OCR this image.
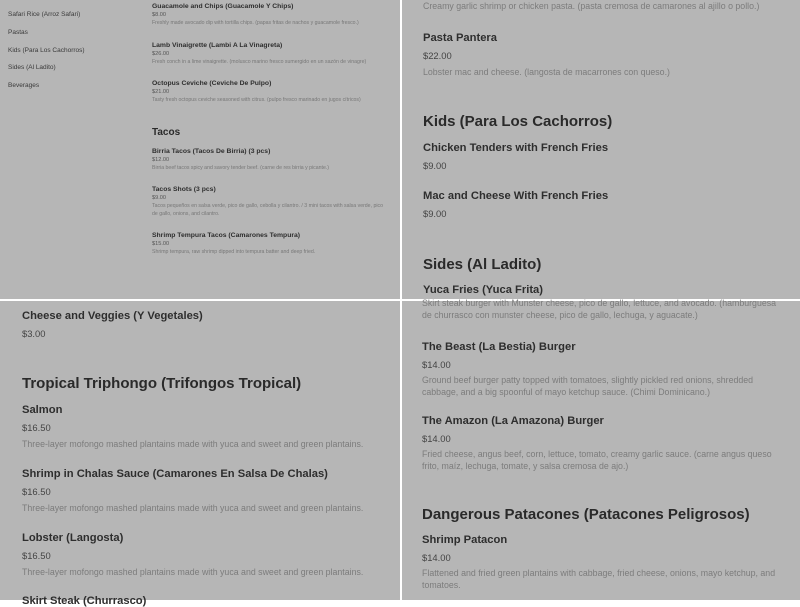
Safari Rice (Arroz Safari)
Pastas
Kids (Para Los Cachorros)
Sides (Al Ladito)
Beverages
Guacamole and Chips (Guacamole Y Chips)
$8.00
Freshly made avocado dip with tortilla chips. (papas fritas de nachos y guacamole fresco.)
Lamb Vinaigrette (Lambi A La Vinagreta)
$26.00
Fresh conch in a lime vinaigrette. (molusco marino fresco sumergido en un sazón de vinagre)
Octopus Ceviche (Ceviche De Pulpo)
$21.00
Tasty fresh octopus ceviche seasoned with citrus. (pulpo fresco marinado en jugos cítricos)
Tacos
Birria Tacos (Tacos De Birria) (3 pcs)
$12.00
Birria beef tacos spicy and savory tender beef. (carne de res birria y picante.)
Tacos Shots (3 pcs)
$9.00
Tacos pequeños en salsa verde, pico de gallo, cebolla y cilantro. / 3 mini tacos with salsa verde, pico de gallo, onions, and cilantro.
Shrimp Tempura Tacos (Camarones Tempura)
$15.00
Shrimp tempura, raw shrimp dipped into tempura batter and deep fried.
Creamy garlic shrimp or chicken pasta. (pasta cremosa de camarones al ajillo o pollo.)
Pasta Pantera
$22.00
Lobster mac and cheese. (langosta de macarrones con queso.)
Kids (Para Los Cachorros)
Chicken Tenders with French Fries
$9.00
Mac and Cheese With French Fries
$9.00
Sides (Al Ladito)
Yuca Fries (Yuca Frita)
Cheese and Veggies (Y Vegetales)
$3.00
Tropical Triphongo (Trifongos Tropical)
Salmon
$16.50
Three-layer mofongo mashed plantains made with yuca and sweet and green plantains.
Shrimp in Chalas Sauce (Camarones En Salsa De Chalas)
$16.50
Three-layer mofongo mashed plantains made with yuca and sweet and green plantains.
Lobster (Langosta)
$16.50
Three-layer mofongo mashed plantains made with yuca and sweet and green plantains.
Skirt Steak (Churrasco)
Skirt steak burger with Munster cheese, pico de gallo, lettuce, and avocado. (hamburguesa de churrasco con munster cheese, pico de gallo, lechuga, y aguacate.)
The Beast (La Bestia) Burger
$14.00
Ground beef burger patty topped with tomatoes, slightly pickled red onions, shredded cabbage, and a big spoonful of mayo ketchup sauce. (Chimi Dominicano.)
The Amazon (La Amazona) Burger
$14.00
Fried cheese, angus beef, corn, lettuce, tomato, creamy garlic sauce. (carne angus queso frito, maíz, lechuga, tomate, y salsa cremosa de ajo.)
Dangerous Patacones (Patacones Peligrosos)
Shrimp Patacon
$14.00
Flattened and fried green plantains with cabbage, fried cheese, onions, mayo ketchup, and tomatoes.
